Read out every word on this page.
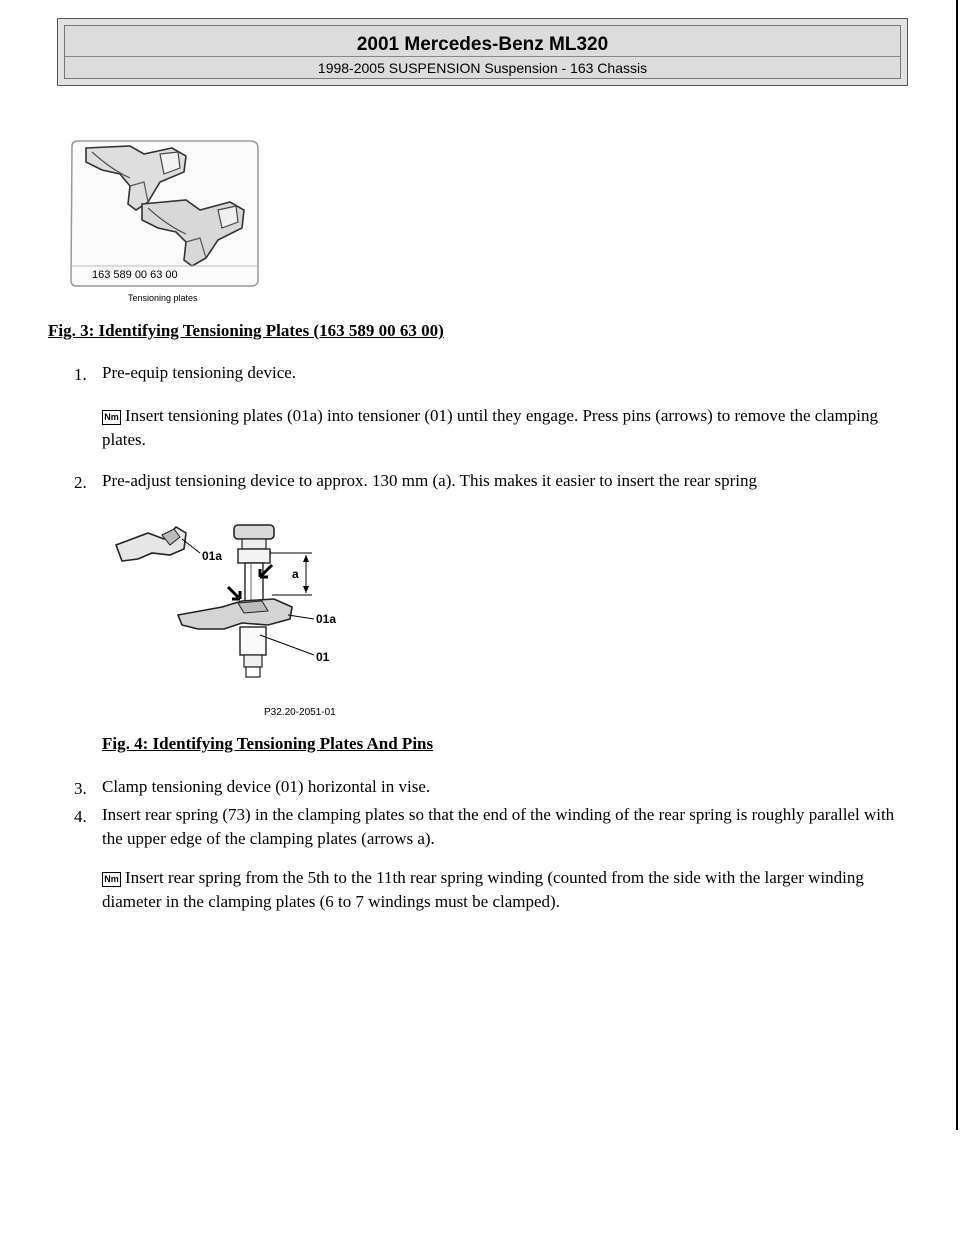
2001 Mercedes-Benz ML320
1998-2005 SUSPENSION Suspension - 163 Chassis
163 589 00 63 00
Tensioning plates
Fig. 3: Identifying Tensioning Plates (163 589 00 63 00)
1. Pre-equip tensioning device.
Nm Insert tensioning plates (01a) into tensioner (01) until they engage. Press pins (arrows) to remove the clamping plates.
2. Pre-adjust tensioning device to approx. 130 mm (a). This makes it easier to insert the rear spring
01a
a
01a
01
P32.20-2051-01
Fig. 4: Identifying Tensioning Plates And Pins
3. Clamp tensioning device (01) horizontal in vise.
4. Insert rear spring (73) in the clamping plates so that the end of the winding of the rear spring is roughly parallel with the upper edge of the clamping plates (arrows a).
Nm Insert rear spring from the 5th to the 11th rear spring winding (counted from the side with the larger winding diameter in the clamping plates (6 to 7 windings must be clamped).
